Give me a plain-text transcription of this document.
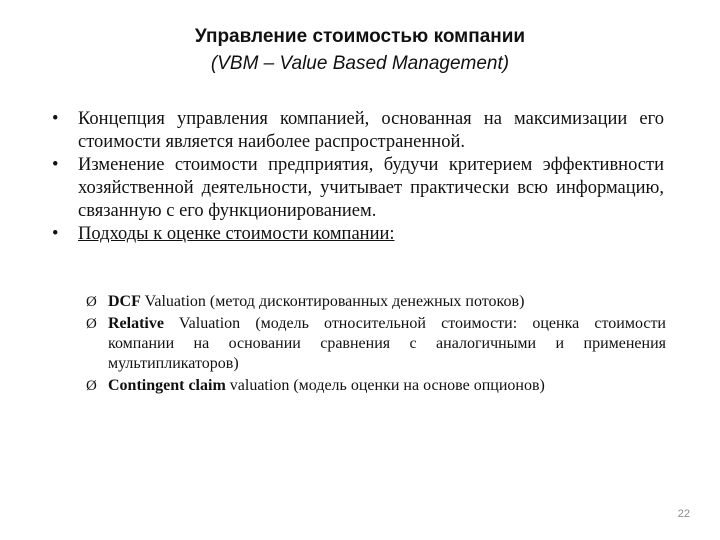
Управление стоимостью компании
(VBM – Value Based Management)
•	Концепция управления компанией, основанная на максимизации его стоимости является наиболее распространенной.
•	Изменение стоимости предприятия, будучи критерием эффективности хозяйственной деятельности, учитывает практически всю информацию, связанную с его функционированием.
•	Подходы к оценке стоимости компании:
Ø DCF Valuation (метод дисконтированных денежных потоков)
Ø Relative Valuation (модель относительной стоимости: оценка стоимости компании на основании сравнения с аналогичными и применения мультипликаторов)
Ø Contingent claim valuation (модель оценки на основе опционов)
22
